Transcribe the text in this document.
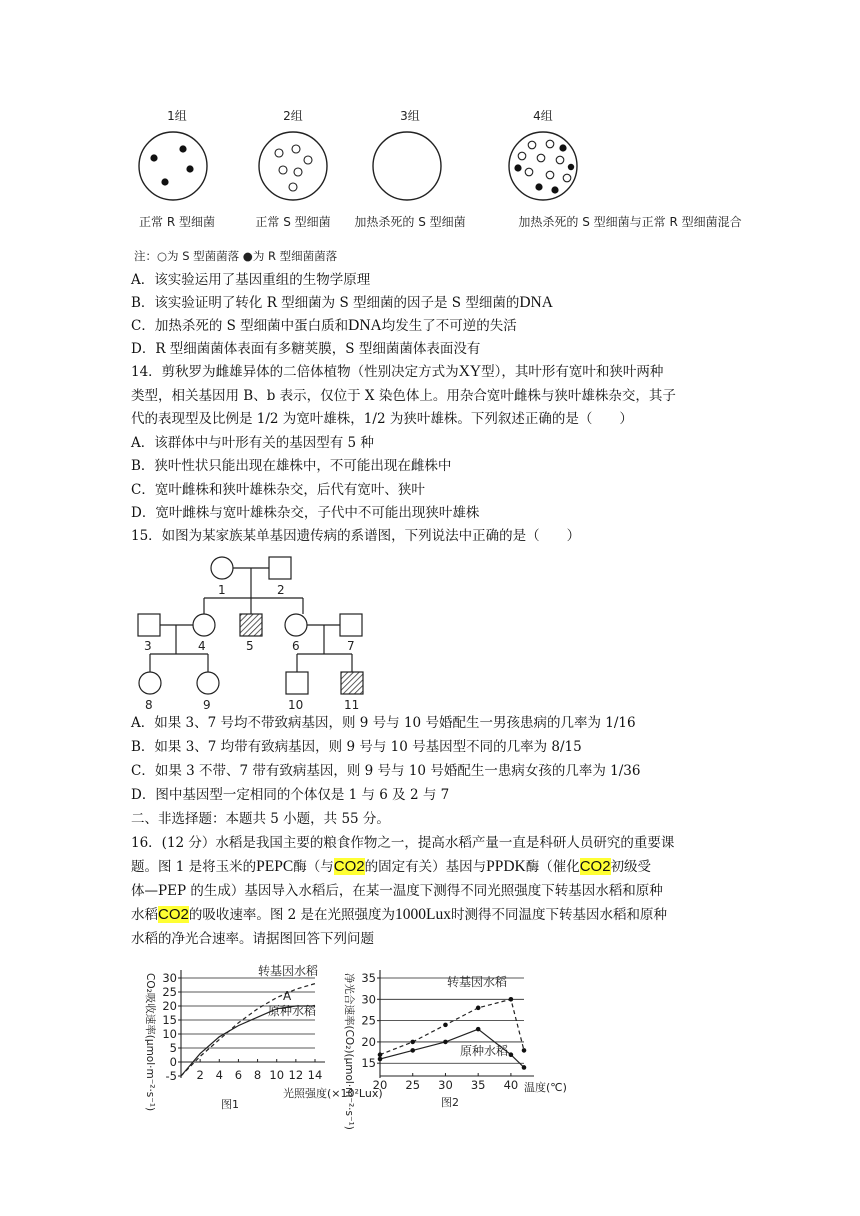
1组	2组	3组	4组
正常 R 型细菌	正常 S 型细菌 加热杀死的 S 型细菌	加热杀死的 S 型细菌与正常 R 型细菌混合
注：○为 S 型菌菌落 ●为 R 型细菌菌落
A．该实验运用了基因重组的生物学原理
B．该实验证明了转化 R 型细菌为 S 型细菌的因子是 S 型细菌的DNA
C．加热杀死的 S 型细菌中蛋白质和DNA均发生了不可逆的失活
D．R 型细菌菌体表面有多糖荚膜，S 型细菌菌体表面没有
14．剪秋罗为雌雄异体的二倍体植物（性别决定方式为XY型），其叶形有宽叶和狭叶两种
类型，相关基因用 B、b 表示，仅位于 X 染色体上。用杂合宽叶雌株与狭叶雄株杂交，其子
代的表现型及比例是 1/2 为宽叶雄株，1/2 为狭叶雄株。下列叙述正确的是（　　）
A．该群体中与叶形有关的基因型有 5 种
B．狭叶性状只能出现在雄株中，不可能出现在雌株中
C．宽叶雌株和狭叶雄株杂交，后代有宽叶、狭叶
D．宽叶雌株与宽叶雄株杂交，子代中不可能出现狭叶雄株
15．如图为某家族某单基因遗传病的系谱图，下列说法中正确的是（　　）
1	2
3	4	5	6	7
8	9	10	11
A．如果 3、7 号均不带致病基因，则 9 号与 10 号婚配生一男孩患病的几率为 1/16
B．如果 3、7 均带有致病基因，则 9 号与 10 号基因型不同的几率为 8/15
C．如果 3 不带、7 带有致病基因，则 9 号与 10 号婚配生一患病女孩的几率为 1/36
D．图中基因型一定相同的个体仅是 1 与 6 及 2 与 7
二、非选择题：本题共 5 小题，共 55 分。
16．(12 分）水稻是我国主要的粮食作物之一，提高水稻产量一直是科研人员研究的重要课
题。图 1 是将玉米的PEPC酶（与CO2的固定有关）基因与PPDK酶（催化CO2初级受
体—PEP 的生成）基因导入水稻后，在某一温度下测得不同光照强度下转基因水稻和原种
水稻CO2的吸收速率。图 2 是在光照强度为1000Lux时测得不同温度下转基因水稻和原种
水稻的净光合速率。请据图回答下列问题
-5
0
5
10
15
20
25
30
2 4 6 8 10 12 14
转基因水稻
原种水稻
A
光照强度(×10²Lux)
图1
CO₂吸收速率(μmol·m⁻²·s⁻¹)	15
20
25
30
35
20 25 30 35 40
转基因水稻
原种水稻
温度(℃)
图2
净光合速率(CO₂)(μmol·m⁻²·s⁻¹)
